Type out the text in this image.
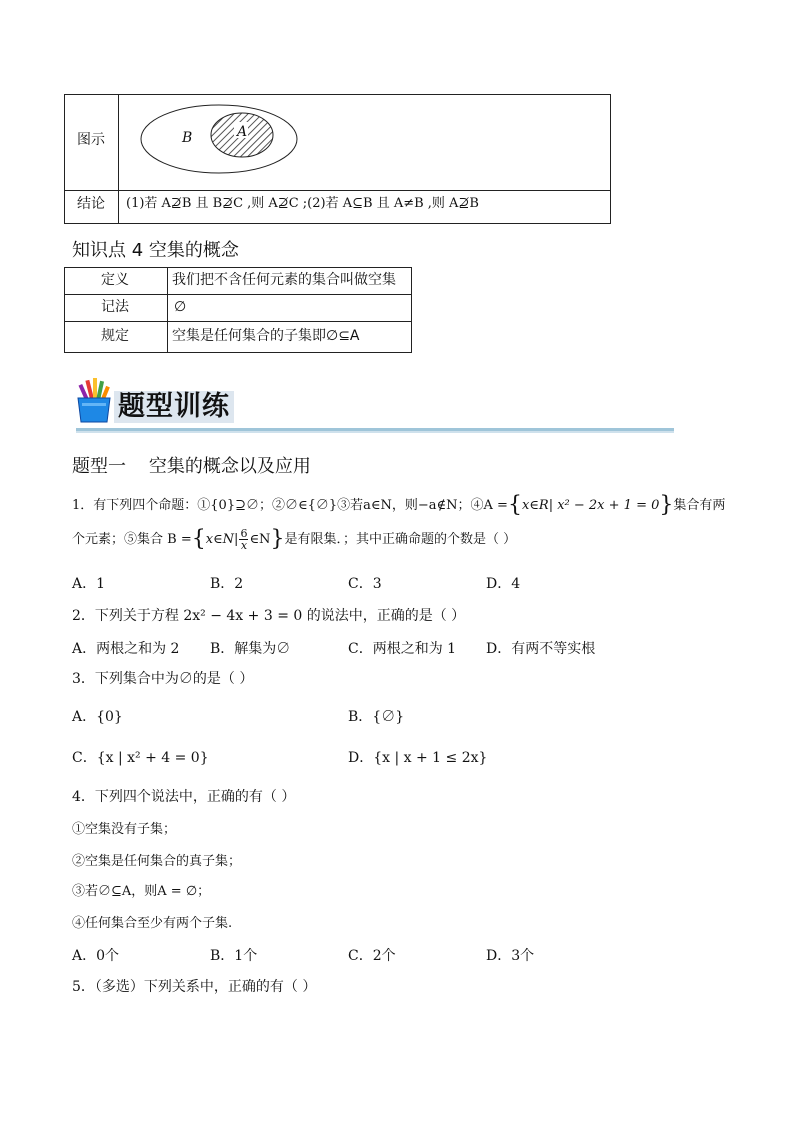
图示	B	A
结论 (1)若 A⊉B 且 B⊉C ,则 A⊉C ;(2)若 A⊆B 且 A≠B ,则 A⊉B
知识点 4 空集的概念
定义	我们把不含任何元素的集合叫做空集
记法	∅
规定	空集是任何集合的子集即∅⊆A
题型训练
题型一    空集的概念以及应用
1．有下列四个命题：①{0}⊇∅；②∅∈{∅}③若a∈N，则−a∉N；④A ={x∈R| x² − 2x + 1 = 0}集合有两
个元素；⑤集合 B ={x∈N| $\frac{6}{x}$ ∈N}是有限集．；其中正确命题的个数是（ ）
A．1	B．2	C．3	D．4
2．下列关于方程 2x² − 4x + 3 = 0 的说法中，正确的是（ ）
A．两根之和为 2 B．解集为∅	C．两根之和为 1 D．有两不等实根
3．下列集合中为∅的是（ ）
A．{0}	B．{∅}
C．{x | x² + 4 = 0}	D．{x | x + 1 ≤ 2x}
4．下列四个说法中，正确的有（ ）
①空集没有子集；
②空集是任何集合的真子集；
③若∅⊆A，则A = ∅；
④任何集合至少有两个子集.
A．0个	B．1个	C．2个	D．3个
5．（多选）下列关系中，正确的有（ ）
